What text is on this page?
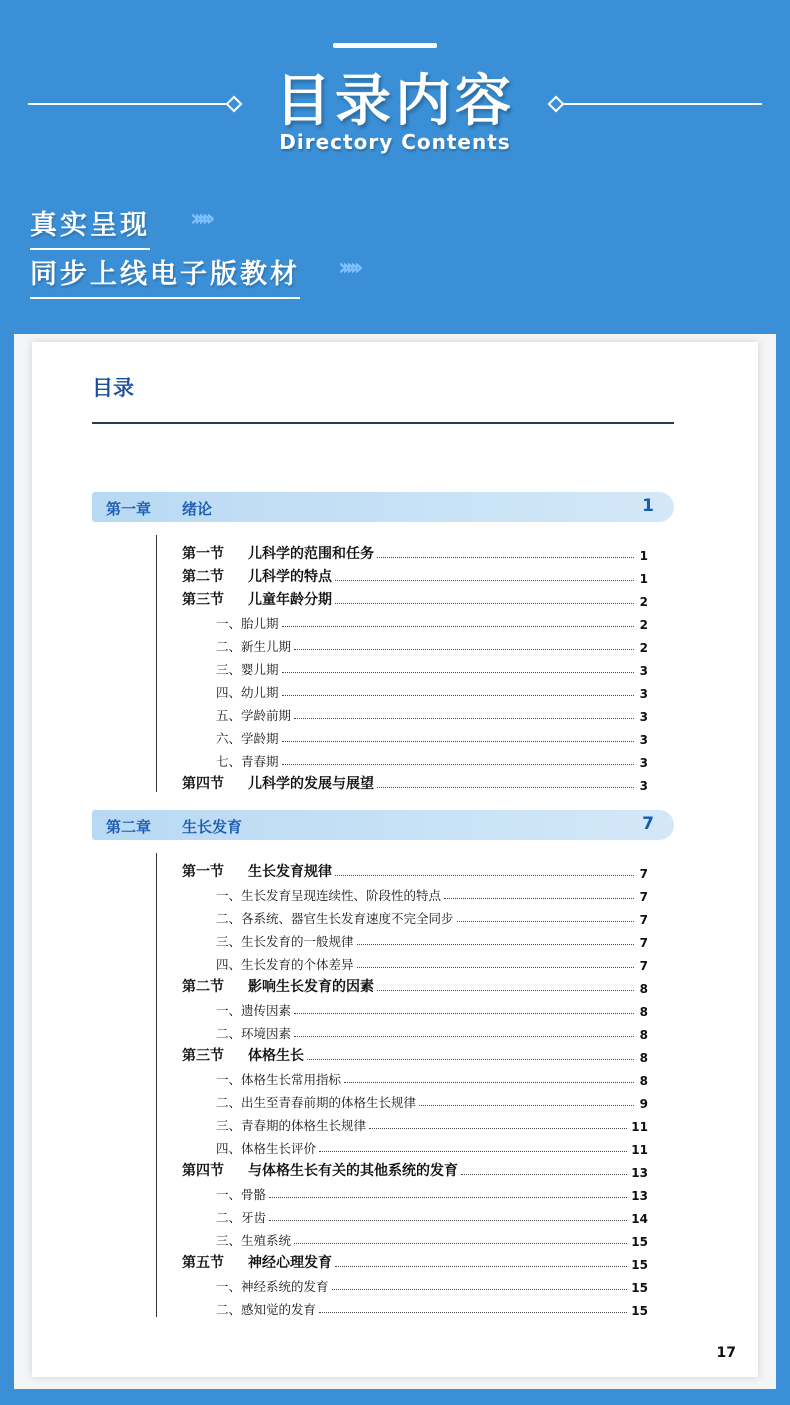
目录内容
Directory Contents
真实呈现 ›››››
同步上线电子版教材 ›››››
目录
第一章 绪论	1
第一节	儿科学的范围和任务	1
第二节	儿科学的特点	1
第三节	儿童年龄分期	2
一、胎儿期	2
二、新生儿期	2
三、婴儿期	3
四、幼儿期	3
五、学龄前期	3
六、学龄期	3
七、青春期	3
第四节	儿科学的发展与展望	3
第二章 生长发育	7
第一节	生长发育规律	7
一、生长发育呈现连续性、阶段性的特点	7
二、各系统、器官生长发育速度不完全同步	7
三、生长发育的一般规律	7
四、生长发育的个体差异	7
第二节	影响生长发育的因素	8
一、遗传因素	8
二、环境因素	8
第三节	体格生长	8
一、体格生长常用指标	8
二、出生至青春前期的体格生长规律	9
三、青春期的体格生长规律	11
四、体格生长评价	11
第四节	与体格生长有关的其他系统的发育	13
一、骨骼	13
二、牙齿	14
三、生殖系统	15
第五节	神经心理发育	15
一、神经系统的发育	15
二、感知觉的发育	15
17
